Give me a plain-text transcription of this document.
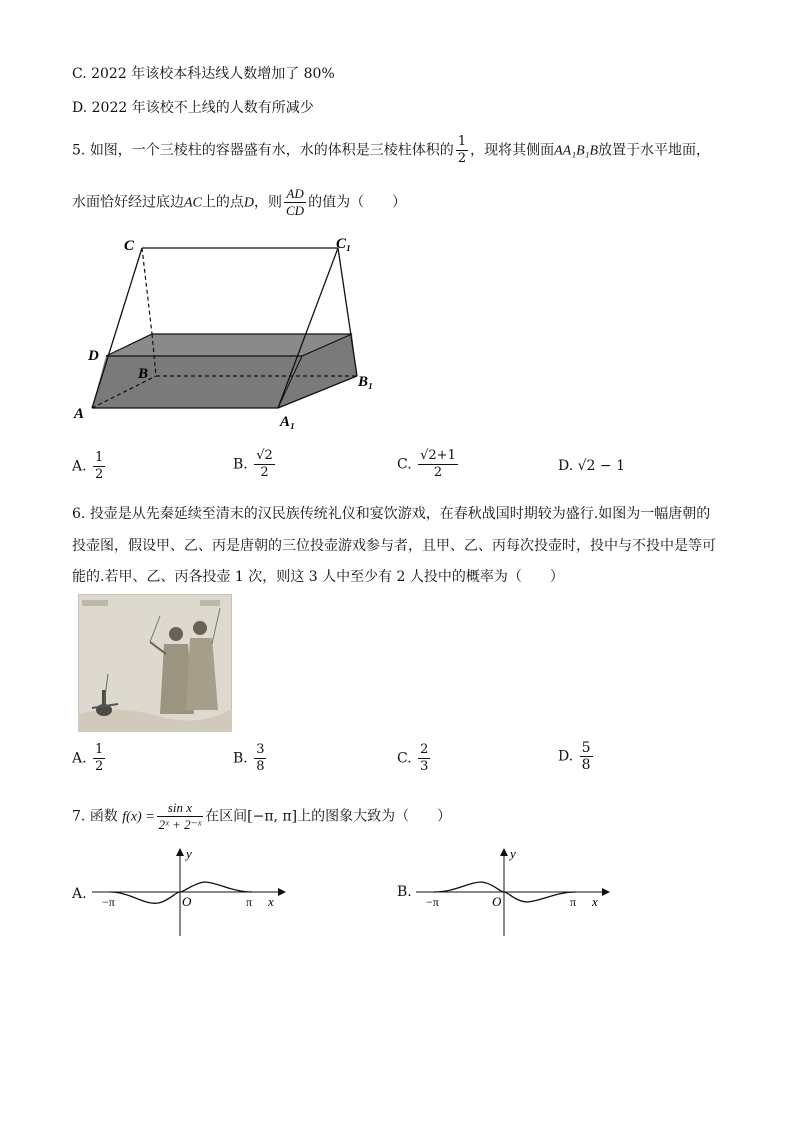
C. 2022 年该校本科达线人数增加了 80%
D. 2022 年该校不上线的人数有所减少
5. 如图，一个三棱柱的容器盛有水，水的体积是三棱柱体积的 $\frac{1}{2}$ ，现将其侧面AA₁B₁B放置于水平地面，
水面恰好经过底边AC上的点D，则 $\frac{AD}{CD}$ 的值为（　　）
C	C₁
D
B	B₁
A	A₁
A. $\frac{1}{2}$	B. $\frac{√2}{2}$	C. $\frac{√2+1}{2}$	D. √2 − 1
6. 投壶是从先秦延续至清末的汉民族传统礼仪和宴饮游戏，在春秋战国时期较为盛行.如图为一幅唐朝的
投壶图，假设甲、乙、丙是唐朝的三位投壶游戏参与者，且甲、乙、丙每次投壶时，投中与不投中是等可
能的.若甲、乙、丙各投壶 1 次，则这 3 人中至少有 2 人投中的概率为（　　）
A. $\frac{1}{2}$	B. $\frac{3}{8}$	C. $\frac{2}{3}$	D. $\frac{5}{8}$
7. 函数 $f(x) = \frac{\text{sin x}}{\text{2ˣ + 2⁻ˣ}}$ 在区间[−π, π]上的图象大致为（　　）
A.
y
x
O
−π	π
B.
y
x
O
−π	π
